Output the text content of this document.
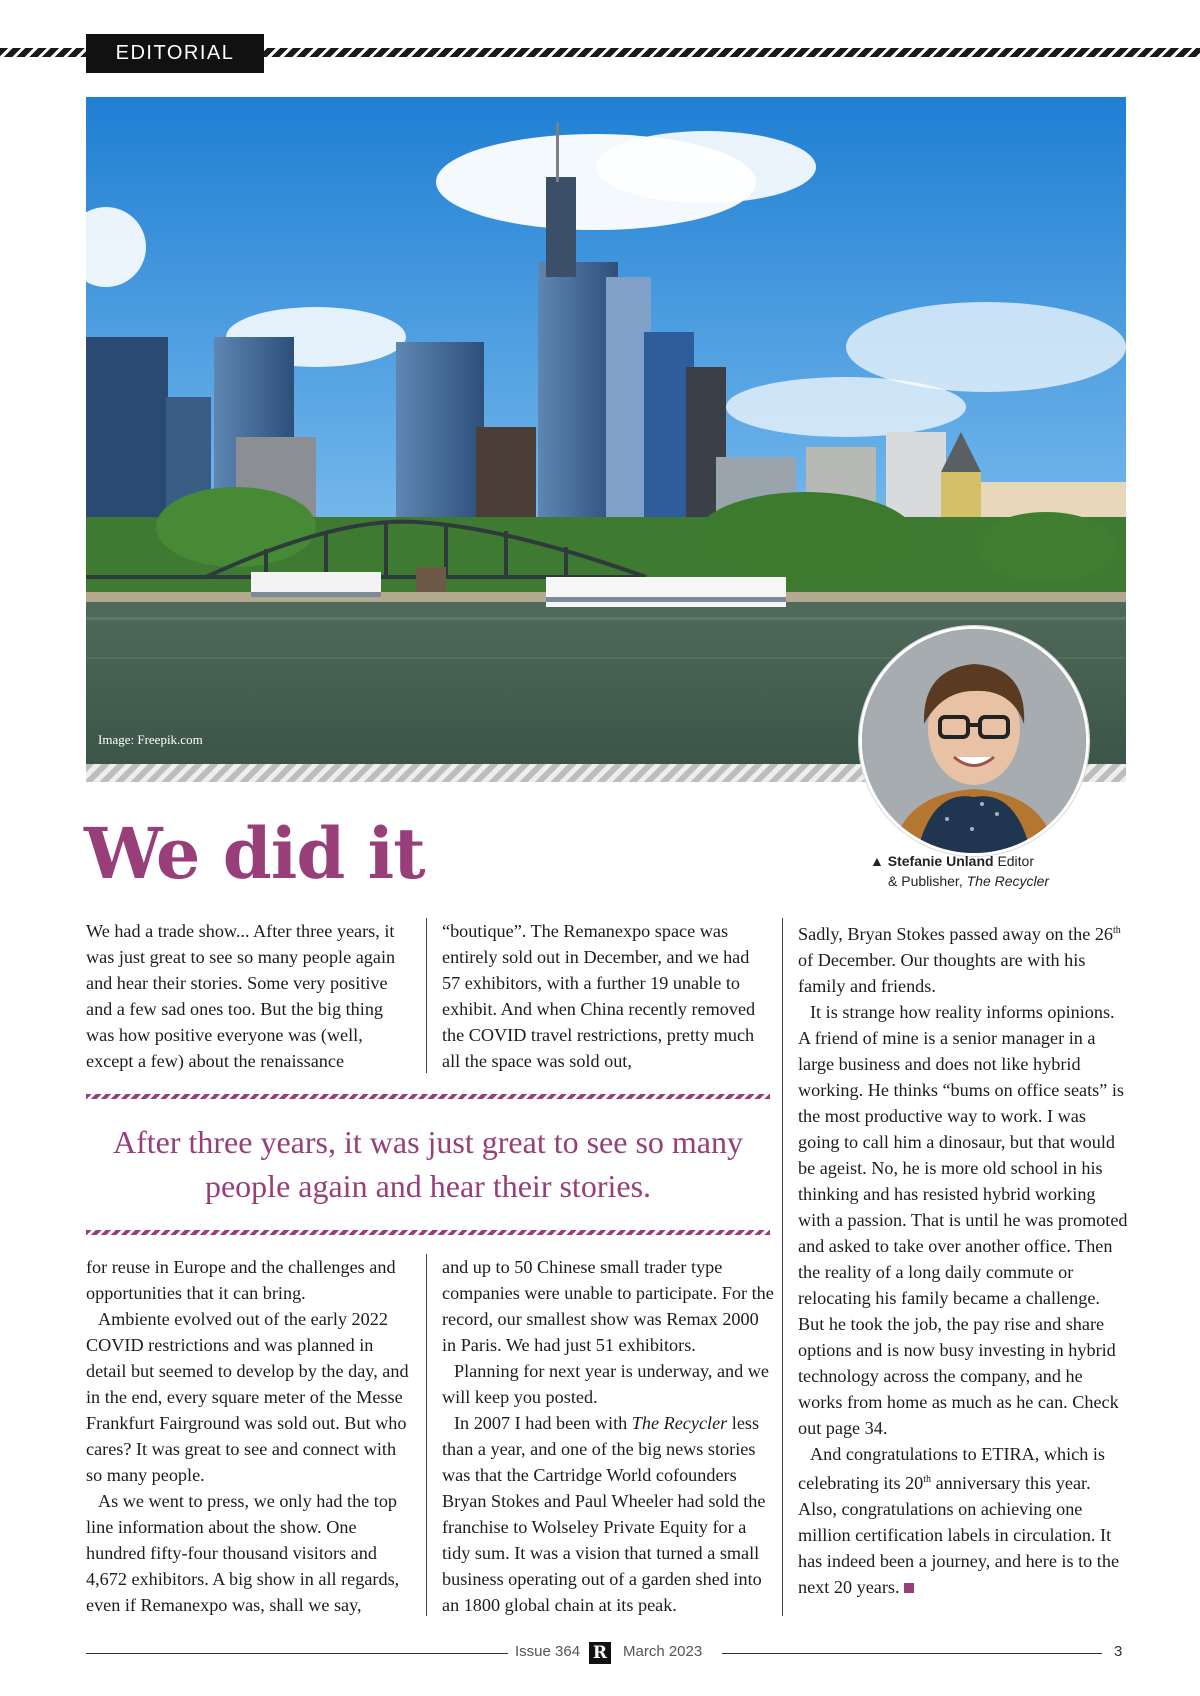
EDITORIAL
Image: Freepik.com
▲ Stefanie Unland Editor
& Publisher, The Recycler
We did it

We had a trade show... After three years, it was just great to see so many people again and hear their stories. Some very positive and a few sad ones too. But the big thing was how positive everyone was (well, except a few) about the renaissance

“boutique”. The Remanexpo space was entirely sold out in December, and we had 57 exhibitors, with a further 19 unable to exhibit. And when China recently removed the COVID travel restrictions, pretty much all the space was sold out,

After three years, it was just great to see so many people again and hear their stories.

for reuse in Europe and the challenges and opportunities that it can bring.

Ambiente evolved out of the early 2022 COVID restrictions and was planned in detail but seemed to develop by the day, and in the end, every square meter of the Messe Frankfurt Fairground was sold out. But who cares? It was great to see and connect with so many people.

As we went to press, we only had the top line information about the show. One hundred fifty-four thousand visitors and 4,672 exhibitors. A big show in all regards, even if Remanexpo was, shall we say,

and up to 50 Chinese small trader type companies were unable to participate. For the record, our smallest show was Remax 2000 in Paris. We had just 51 exhibitors.

Planning for next year is underway, and we will keep you posted.

In 2007 I had been with The Recycler less than a year, and one of the big news stories was that the Cartridge World cofounders Bryan Stokes and Paul Wheeler had sold the franchise to Wolseley Private Equity for a tidy sum. It was a vision that turned a small business operating out of a garden shed into an 1800 global chain at its peak.

Sadly, Bryan Stokes passed away on the 26th of December. Our thoughts are with his family and friends.

It is strange how reality informs opinions. A friend of mine is a senior manager in a large business and does not like hybrid working. He thinks “bums on office seats” is the most productive way to work. I was going to call him a dinosaur, but that would be ageist. No, he is more old school in his thinking and has resisted hybrid working with a passion. That is until he was promoted and asked to take over another office. Then the reality of a long daily commute or relocating his family became a challenge. But he took the job, the pay rise and share options and is now busy investing in hybrid technology across the company, and he works from home as much as he can. Check out page 34.

And congratulations to ETIRA, which is celebrating its 20th anniversary this year. Also, congratulations on achieving one million certification labels in circulation. It has indeed been a journey, and here is to the next 20 years.

Issue 364 R March 2023	3
